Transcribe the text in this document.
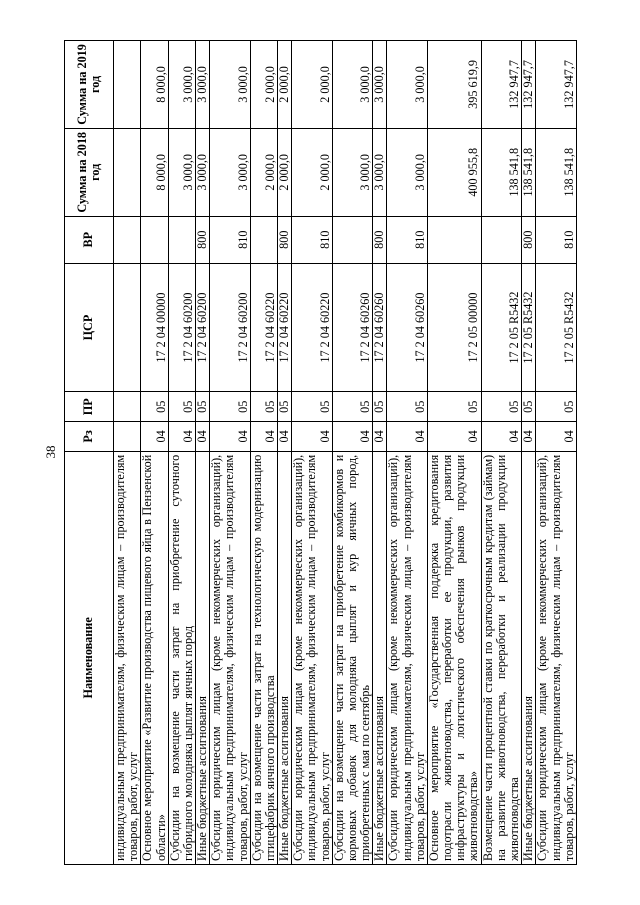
38
Наименование	Рз	ПР	ЦСР	ВР	Сумма на 2018 год	Сумма на 2019 год
индивидуальным предпринимателям, физическим лицам – производителям товаров, работ, услуг						
Основное мероприятие «Развитие производства пищевого яйца в Пензенской области»	04	05	17 2 04 00000		8 000,0	8 000,0
Субсидии на возмещение части затрат на приобретение суточного гибридного молодняка цыплят яичных пород	04	05	17 2 04 60200		3 000,0	3 000,0
Иные бюджетные ассигнования	04	05	17 2 04 60200	800	3 000,0	3 000,0
Субсидии юридическим лицам (кроме некоммерческих организаций), индивидуальным предпринимателям, физическим лицам – производителям товаров, работ, услуг	04	05	17 2 04 60200	810	3 000,0	3 000,0
Субсидии на возмещение части затрат на технологическую модернизацию птицефабрик яичного производства	04	05	17 2 04 60220		2 000,0	2 000,0
Иные бюджетные ассигнования	04	05	17 2 04 60220	800	2 000,0	2 000,0
Субсидии юридическим лицам (кроме некоммерческих организаций), индивидуальным предпринимателям, физическим лицам – производителям товаров, работ, услуг	04	05	17 2 04 60220	810	2 000,0	2 000,0
Субсидии на возмещение части затрат на приобретение комбикормов и кормовых добавок для молодняка цыплят и кур яичных пород, приобретенных с мая по сентябрь	04	05	17 2 04 60260		3 000,0	3 000,0
Иные бюджетные ассигнования	04	05	17 2 04 60260	800	3 000,0	3 000,0
Субсидии юридическим лицам (кроме некоммерческих организаций), индивидуальным предпринимателям, физическим лицам – производителям товаров, работ, услуг	04	05	17 2 04 60260	810	3 000,0	3 000,0
Основное мероприятие «Государственная поддержка кредитования подотрасли животноводства, переработки ее продукции, развития инфраструктуры и логистического обеспечения рынков продукции животноводства»	04	05	17 2 05 00000		400 955,8	395 619,9
Возмещение части процентной ставки по краткосрочным кредитам (займам) на развитие животноводства, переработки и реализации продукции животноводства	04	05	17 2 05 R5432		138 541,8	132 947,7
Иные бюджетные ассигнования	04	05	17 2 05 R5432	800	138 541,8	132 947,7
Субсидии юридическим лицам (кроме некоммерческих организаций), индивидуальным предпринимателям, физическим лицам – производителям товаров, работ, услуг	04	05	17 2 05 R5432	810	138 541,8	132 947,7
